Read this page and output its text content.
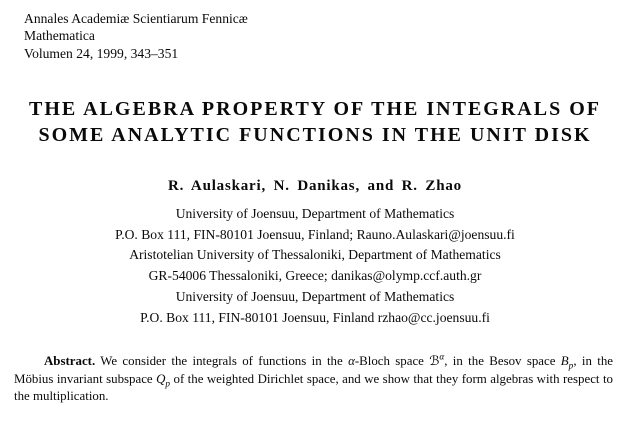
Annales Academiæ Scientiarum Fennicæ
Mathematica
Volumen 24, 1999, 343–351
THE ALGEBRA PROPERTY OF THE INTEGRALS OF
SOME ANALYTIC FUNCTIONS IN THE UNIT DISK
R. Aulaskari, N. Danikas, and R. Zhao
University of Joensuu, Department of Mathematics
P.O. Box 111, FIN-80101 Joensuu, Finland; Rauno.Aulaskari@joensuu.fi
Aristotelian University of Thessaloniki, Department of Mathematics
GR-54006 Thessaloniki, Greece; danikas@olymp.ccf.auth.gr
University of Joensuu, Department of Mathematics
P.O. Box 111, FIN-80101 Joensuu, Finland rzhao@cc.joensuu.fi

Abstract. We consider the integrals of functions in the α-Bloch space ℬ$^\alpha$, in the Besov space $B_p$, in the Möbius invariant subspace $Q_p$ of the weighted Dirichlet space, and we show that they form algebras with respect to the multiplication.
